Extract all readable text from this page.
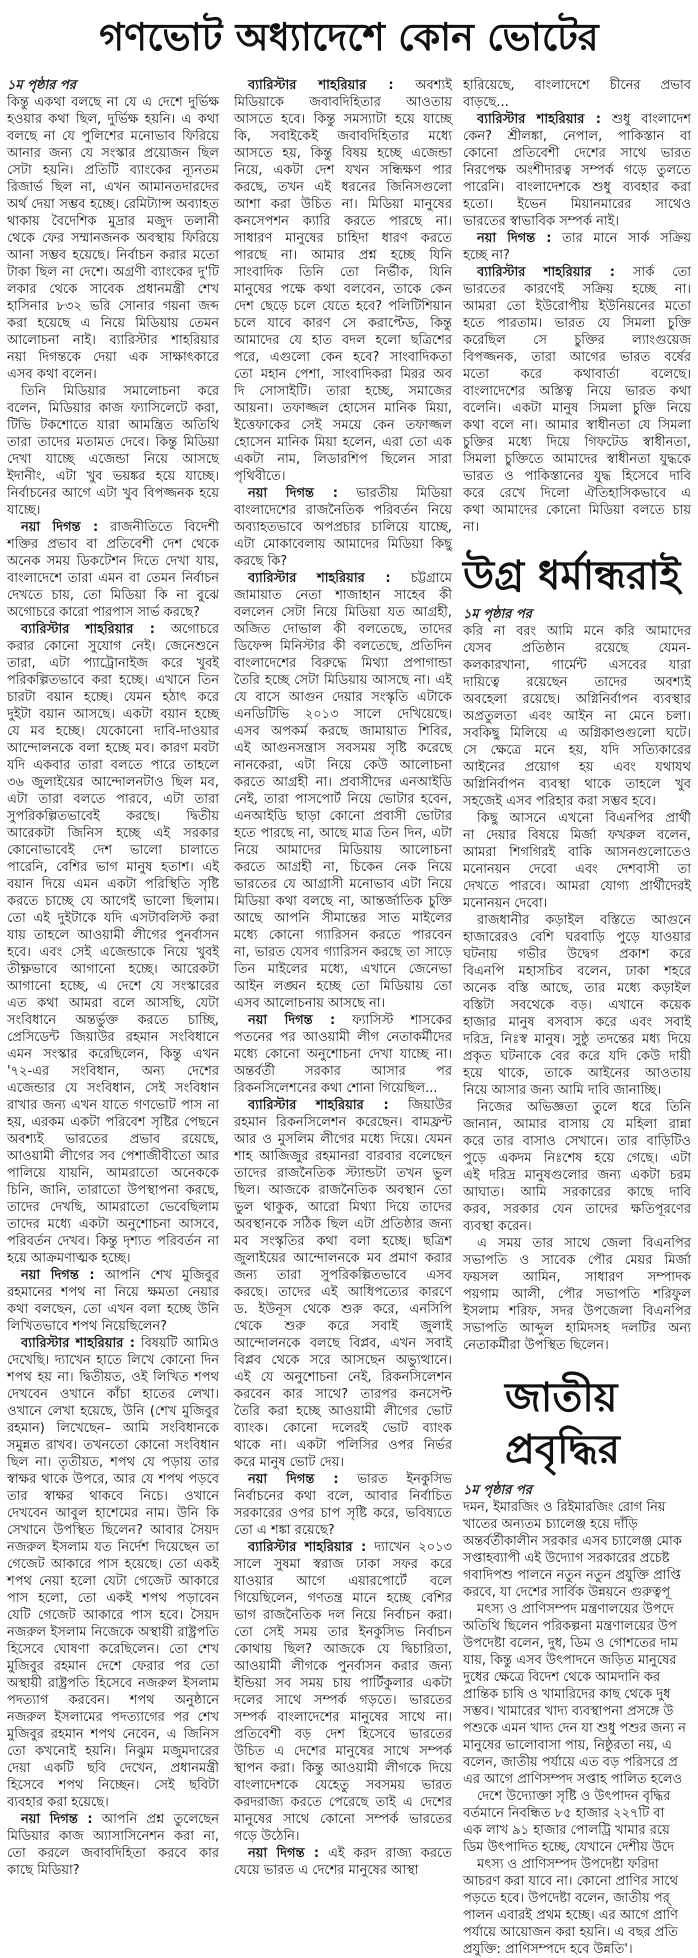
গণভোট অধ্যাদেশে কোন ভোটের
১ম পৃষ্ঠার পর
কিন্তু একথা বলছে না যে এ দেশে দুর্ভিক্ষ
হওয়ার কথা ছিল, দুর্ভিক্ষ হয়নি। এ কথা
বলছে না যে পুলিশের মনোভাব ফিরিয়ে
আনার জন্য যে সংস্কার প্রয়োজন ছিল
সেটা হয়নি। প্রতিটি ব্যাংকের ন্যূনতম
রিজার্ভ ছিল না, এখন আমানতদারদের
অর্থ দেয়া সম্ভব হচ্ছে। রেমিট্যান্স অব্যাহত
থাকায় বৈদেশিক মুদ্রার মজুদ তলানী
থেকে ফের সম্মানজনক অবস্থায় ফিরিয়ে
আনা সম্ভব হয়েছে। নির্বাচন করার মতো
টাকা ছিল না দেশে। অগ্রণী ব্যাংকের দু'টি
লকার থেকে সাবেক প্রধানমন্ত্রী শেখ
হাসিনার ৮৩২ ভরি সোনার গয়না জব্দ
করা হয়েছে এ নিয়ে মিডিয়ায় তেমন
আলোচনা নাই। ব্যারিস্টার শাহরিয়ার
নয়া দিগন্তকে দেয়া এক সাক্ষাৎকারে
এসব কথা বলেন।
তিনি মিডিয়ার সমালোচনা করে
বলেন, মিডিয়ার কাজ ফ্যাসিলেটে করা,
টিভি টকশোতে যারা আমন্ত্রিত অতিথি
তারা তাদের মতামত দেবে। কিন্তু মিডিয়া
দেখা যাচ্ছে এজেন্ডা নিয়ে আসছে
ইদানীং, এটা খুব ভয়ঙ্কর হয়ে যাচ্ছে।
নির্বাচনের আগে এটা খুব বিপজ্জনক হয়ে
যাচ্ছে।
নয়া দিগন্ত : রাজনীতিতে বিদেশী
শক্তির প্রভাব বা প্রতিবেশী দেশ থেকে
অনেক সময় ডিকটেশন দিতে দেখা যায়,
বাংলাদেশে তারা এমন বা তেমন নির্বাচন
দেখতে চায়, তো মিডিয়া কি না বুঝে
অগোচরে কারো পারপাস সার্ভ করছে?
ব্যারিস্টার শাহরিয়ার : অগোচরে
করার কোনো সুযোগ নেই। জেনেশুনে
তারা, এটা প্যাট্রোনাইজ করে খুবই
পরিকল্পিতভাবে করা হচ্ছে। এখানে তিন
চারটা বয়ান হচ্ছে। যেমন হঠাৎ করে
দুইটা বয়ান আসছে। একটা বয়ান হচ্ছে
যে মব হচ্ছে। যেকোনো দাবি-দাওয়ার
আন্দোলনকে বলা হচ্ছে মব। কারণ মবটা
যদি একবার তারা বলতে পারে তাহলে
৩৬ জুলাইয়ের আন্দোলনটাও ছিল মব,
এটা তারা বলতে পারবে, এটা তারা
সুপরিকল্পিতভাবেই করছে। দ্বিতীয়
আরেকটা জিনিস হচ্ছে এই সরকার
কোনোভাবেই দেশ ভালো চালাতে
পারেনি, বেশির ভাগ মানুষ হতাশ। এই
বয়ান দিয়ে এমন একটা পরিস্থিতি সৃষ্টি
করতে চাচ্ছে যে আগেই ভালো ছিলাম।
তো এই দুইটাকে যদি এসটাবলিস্ট করা
যায় তাহলে আওয়ামী লীগের পুনর্বাসন
হবে। এবং সেই এজেন্ডাকে নিয়ে খুবই
তীক্ষ্ণভাবে আগানো হচ্ছে। আরেকটা
আগানো হচ্ছে, এ দেশে যে সংস্কারের
এত কথা আমরা বলে আসছি, যেটা
সংবিধানে অন্তর্ভুক্ত করতে চাচ্ছি,
প্রেসিডেন্ট জিয়াউর রহমান সংবিধানে
এমন সংস্কার করেছিলেন, কিন্তু এখন
'৭২-এর সংবিধান, অন্য দেশের
এজেন্ডার যে সংবিধান, সেই সংবিধান
রাখার জন্য এখন যাতে গণভোট পাস না
হয়, এরকম একটা পরিবেশ সৃষ্টির পেছনে
অবশ্যই ভারতের প্রভাব রয়েছে,
আওয়ামী লীগের সব পেশাজীবীতো আর
পালিয়ে যায়নি, আমরাতো অনেককে
চিনি, জানি, তারাতো উপস্থাপনা করছে,
তাদের দেখছি, আমরাতো ভেবেছিলাম
তাদের মধ্যে একটা অনুশোচনা আসবে,
পরিবর্তন দেখব। কিন্তু দৃশ্যত পরিবর্তন না
হয়ে আক্রমণাত্মক হচ্ছে।
নয়া দিগন্ত : আপনি শেখ মুজিবুর
রহমানের শপথ না নিয়ে ক্ষমতা নেয়ার
কথা বলছেন, তো এখন বলা হচ্ছে উনি
লিখিতভাবে শপথ নিয়েছিলেন?
ব্যারিস্টার শাহরিয়ার : বিষয়টি আমিও
দেখেছি। দ্যাখেন হাতে লিখে কোনো দিন
শপথ হয় না। দ্বিতীয়ত, ওই লিখিত শপথ
দেখবেন ওখানে কাঁচা হাতের লেখা।
ওখানে লেখা হয়েছে, উনি (শেখ মুজিবুর
রহমান) লিখেছেন– আমি সংবিধানকে
সমুন্নত রাখব। তখনতো কোনো সংবিধান
ছিল না। তৃতীয়ত, শপথ যে পড়ায় তার
স্বাক্ষর থাকে উপরে, আর যে শপথ পড়বে
তার স্বাক্ষর থাকবে নিচে। ওখানে
দেখবেন আবুল হাশেমের নাম। উনি কি
সেখানে উপস্থিত ছিলেন? আবার সৈয়দ
নজরুল ইসলাম যত নির্দেশ দিয়েছেন তা
গেজেট আকারে পাস হয়েছে। তো একই
শপথ নেয়া হলো যেটা গেজেট আকারে
পাস হলো, তো একই শপথ পড়াবেন
যেটি গেজেট আকারে পাস হবে। সৈয়দ
নজরুল ইসলাম নিজেকে অস্থায়ী রাষ্ট্রপতি
হিসেবে ঘোষণা করেছিলেন। তো শেখ
মুজিবুর রহমান দেশে ফেরার পর তো
অস্থায়ী রাষ্ট্রপতি হিসেবে নজরুল ইসলাম
পদত্যাগ করবেন। শপথ অনুষ্ঠানে
নজরুল ইসলামের পদত্যাগের পর শেখ
মুজিবুর রহমান শপথ নেবেন, এ জিনিস
তো কখনোই হয়নি। নিঝুম মজুমদারের
দেয়া একটি ছবি দেখেন, প্রধানমন্ত্রী
হিসেবে শপথ নিচ্ছেন। সেই ছবিটা
ব্যবহার করা হয়েছে।
নয়া দিগন্ত : আপনি প্রশ্ন তুলেছেন
মিডিয়ার কাজ অ্যাসাসিনেশন করা না,
তো করলে জবাবদিহিতা করবে কার
কাছে মিডিয়া?
ব্যারিস্টার শাহরিয়ার : অবশ্যই
মিডিয়াকে জবাবদিহিতার আওতায়
আসতে হবে। কিন্তু সমস্যাটা হয়ে যাচ্ছে
কি, সবাইকেই জবাবদিহিতার মধ্যে
আসতে হয়, কিন্তু বিষয় হচ্ছে এজেন্ডা
নিয়ে, একটা দেশ যখন সন্ধিক্ষণ পার
করছে, তখন এই ধরনের জিনিসগুলো
আশা করা উচিত না। মিডিয়া মানুষের
কনসেপশন ক্যারি করতে পারছে না।
সাধারণ মানুষের চাহিদা ধারণ করতে
পারছে না। আমার প্রশ্ন হচ্ছে যিনি
সাংবাদিক তিনি তো নির্ভীক, যিনি
মানুষের পক্ষে কথা বলবেন, তাকে কেন
দেশ ছেড়ে চলে যেতে হবে? পলিটিশিয়ান
চলে যাবে কারণ সে করাপ্টেড, কিন্তু
আমাদের যে হাত বদল হলো ছত্রিশের
পরে, এগুলো কেন হবে? সাংবাদিকতা
তো মহান পেশা, সাংবাদিকরা মিরর অব
দি সোসাইটি। তারা হচ্ছে, সমাজের
আয়না। তফাজ্জল হোসেন মানিক মিয়া,
ইত্তেফাকের সেই সময়ে কেন তফাজ্জল
হোসেন মানিক মিয়া হলেন, এরা তো এক
একটা নাম, লিডারশিপ ছিলেন সারা
পৃথিবীতে।
নয়া দিগন্ত : ভারতীয় মিডিয়া
বাংলাদেশের রাজনৈতিক পরিবর্তন নিয়ে
অব্যাহতভাবে অপপ্রচার চালিয়ে যাচ্ছে,
এটা মোকাবেলায় আমাদের মিডিয়া কিছু
করছে কি?
ব্যারিস্টার শাহরিয়ার : চট্টগ্রামে
জামায়াত নেতা শাজাহান সাহেব কী
বললেন সেটা নিয়ে মিডিয়া যত আগ্রহী,
অজিত দোভাল কী বলতেছে, তাদের
ডিফেন্স মিনিস্টার কী বলতেছে, প্রতিদিন
বাংলাদেশের বিরুদ্ধে মিথ্যা প্রপাগান্ডা
তৈরি হচ্ছে সেটা মিডিয়ায় আসছে না। এই
যে বাসে আগুন দেয়ার সংস্কৃতি এটাকে
এনডিটিভি ২০১৩ সালে দেখিয়েছে।
এসব অপকর্ম করছে জামায়াত শিবির,
এই আগুনসন্ত্রাস সবসময় সৃষ্টি করেছে
নানকেরা, এটা নিয়ে কেউ আলোচনা
করতে আগ্রহী না। প্রবাসীদের এনআইডি
নেই, তারা পাসপোর্ট নিয়ে ভোটার হবেন,
এনআইডি ছাড়া কোনো প্রবাসী ভোটার
হতে পারছে না, আছে মাত্র তিন দিন, এটা
নিয়ে আমাদের মিডিয়ায় আলোচনা
করতে আগ্রহী না, চিকেন নেক নিয়ে
ভারতের যে আগ্রাসী মনোভাব এটা নিয়ে
মিডিয়া কথা বলছে না, আন্তর্জাতিক চুক্তি
আছে আপনি সীমান্তের সাত মাইলের
মধ্যে কোনো গ্যারিসন করতে পারবেন
না, ভারত যেসব গ্যারিসন করছে তা সাড়ে
তিন মাইলের মধ্যে, এখানে জেনেভা
আইন লঙ্ঘন হচ্ছে তো মিডিয়ায় তো
এসব আলোচনায় আসছে না।
নয়া দিগন্ত : ফ্যাসিস্ট শাসকের
পতনের পর আওয়ামী লীগ নেতাকর্মীদের
মধ্যে কোনো অনুশোচনা দেখা যাচ্ছে না।
অন্তর্বর্তী সরকার আসার পর
রিকনসিলেশনের কথা শোনা গিয়েছিল...
ব্যারিস্টার শাহরিয়ার : জিয়াউর
রহমান রিকনসিলেশন করেছেন। বামফ্রন্ট
আর ও মুসলিম লীগের মধ্যে দিয়ে। যেমন
শাহ আজিজুর রহমানরা বারবার বলেছেন
তাদের রাজনৈতিক স্ট্যান্ডটা তখন ভুল
ছিল। আজকে রাজনৈতিক অবস্থান তো
ভুল থাকুক, আরো মিথ্যা দিয়ে তাদের
অবস্থানকে সঠিক ছিল এটা প্রতিষ্ঠার জন্য
মব সংস্কৃতির কথা বলা হচ্ছে। ছত্রিশ
জুলাইয়ের আন্দোলনকে মব প্রমাণ করার
জন্য তারা সুপরিকল্পিতভাবে এসব
করছে। তাদের এই আধিপত্যের কারণে
ড. ইউনূস থেকে শুরু করে, এনসিপি
থেকে শুরু করে সবাই জুলাই
আন্দোলনকে বলছে বিপ্লব, এখন সবাই
বিপ্লব থেকে সরে আসছেন অভ্যুত্থানে।
এই যে অনুশোচনা নেই, রিকনসিলেশন
করবেন কার সাথে? তারপর কনসেপ্ট
তৈরি করা হচ্ছে আওয়ামী লীগের ভোট
ব্যাংক। কোনো দলেরই ভোট ব্যাংক
থাকে না। একটা পলিসির ওপর নির্ভর
করে মানুষ ভোট দেয়।
নয়া দিগন্ত : ভারত ইনকুসিভ
নির্বাচনের কথা বলে, আবার নির্বাচিত
সরকারের ওপর চাপ সৃষ্টি করে, ভবিষ্যতে
তো এ শঙ্কা রয়েছে?
ব্যারিস্টার শাহরিয়ার : দ্যাখেন ২০১৩
সালে সুষমা স্বরাজ ঢাকা সফর করে
যাওয়ার আগে এয়ারপোর্টে বলে
গিয়েছিলেন, গণতন্ত্র মানে হচ্ছে বেশির
ভাগ রাজনৈতিক দল নিয়ে নির্বাচন করা।
তো সেই সময় তার ইনকুসিভ নির্বাচন
কোথায় ছিল? আজকে যে দ্বিচারিতা,
আওয়ামী লীগকে পুনর্বাসন করার জন্য
ইন্ডিয়া সব সময় চায় পার্টিকুলার একটা
দলের সাথে সম্পর্ক গড়তে। ভারতের
সম্পর্ক বাংলাদেশের মানুষের সাথে না।
প্রতিবেশী বড় দেশ হিসেবে ভারতের
উচিত এ দেশের মানুষের সাথে সম্পর্ক
স্থাপন করা। কিন্তু আওয়ামী লীগকে দিয়ে
বাংলাদেশকে যেহেতু সবসময় ভারত
করদরাজ্য করতে পেরেছে তাই এ দেশের
মানুষের সাথে কোনো সম্পর্ক ভারতের
গড়ে উঠেনি।
নয়া দিগন্ত : এই করদ রাজ্য করতে
যেয়ে ভারত এ দেশের মানুষের আস্থা
হারিয়েছে, বাংলাদেশে চীনের প্রভাব
বাড়ছে...
ব্যারিস্টার শাহরিয়ার : শুধু বাংলাদেশ
কেন? শ্রীলঙ্কা, নেপাল, পাকিস্তান বা
কোনো প্রতিবেশী দেশের সাথে ভারত
নিরপেক্ষ অংশীদারত্ব সম্পর্ক গড়ে তুলতে
পারেনি। বাংলাদেশকে শুধু ব্যবহার করা
হতো। ইভেন মিয়ানমারের সাথেও
ভারতের স্বাভাবিক সম্পর্ক নাই।
নয়া দিগন্ত : তার মানে সার্ক সক্রিয়
হচ্ছে না?
ব্যারিস্টার শাহরিয়ার : সার্ক তো
ভারতের কারণেই সক্রিয় হচ্ছে না।
আমরা তো ইউরোপীয় ইউনিয়নের মতো
হতে পারতাম। ভারত যে সিমলা চুক্তি
করেছিল সে চুক্তির ল্যাংগুয়েজ
বিপজ্জনক, তারা আগের ভারত বর্ষের
মতো করে কথাবার্তা বলেছে।
বাংলাদেশের অস্তিত্ব নিয়ে ভারত কথা
বলেনি। একটা মানুষ সিমলা চুক্তি নিয়ে
কথা বলে না। আমার স্বাধীনতা যে সিমলা
চুক্তির মধ্যে দিয়ে গিফটেড স্বাধীনতা,
সিমলা চুক্তিতে আমাদের স্বাধীনতা যুদ্ধকে
ভারত ও পাকিস্তানের যুদ্ধ হিসেবে দাবি
করে রেখে দিলো ঐতিহাসিকভাবে এ
কথা আমাদের কোনো মিডিয়া বলতে চায়
না।
উগ্র ধর্মান্ধরাই
১ম পৃষ্ঠার পর
করি না বরং আমি মনে করি আমাদের
যেসব প্রতিষ্ঠান রয়েছে যেমন-
কলকারখানা, গার্মেন্ট এসবের যারা
দায়িত্বে রয়েছেন তাদের অবশ্যই
অবহেলা রয়েছে। অগ্নিনির্বাপন ব্যবস্থার
অপ্রতুলতা এবং আইন না মেনে চলা।
সবকিছু মিলিয়ে এ অগ্নিকাণ্ডগুলো ঘটে।
সে ক্ষেত্রে মনে হয়, যদি সত্যিকারের
আইনের প্রয়োগ হয় এবং যথাযথ
অগ্নিনির্বাপন ব্যবস্থা থাকে তাহলে খুব
সহজেই এসব পরিহার করা সম্ভব হবে।
কিছু আসনে এখনো বিএনপির প্রার্থী
না দেয়ার বিষয়ে মির্জা ফখরুল বলেন,
আমরা শিগগিরই বাকি আসনগুলোতেও
মনোনয়ন দেবো এবং দেশবাসী তা
দেখতে পারবে। আমরা যোগ্য প্রার্থীদেরই
মনোনয়ন দেবো।
রাজধানীর কড়াইল বস্তিতে আগুনে
হাজারেরও বেশি ঘরবাড়ি পুড়ে যাওয়ার
ঘটনায় গভীর উদ্বেগ প্রকাশ করে
বিএনপি মহাসচিব বলেন, ঢাকা শহরে
অনেক বস্তি আছে, তার মধ্যে কড়াইল
বস্তিটা সবথেকে বড়। এখানে কয়েক
হাজার মানুষ বসবাস করে এবং সবাই
দরিদ্র, নিঃস্ব মানুষ। সুষ্ঠু তদন্তের মধ্য দিয়ে
প্রকৃত ঘটনাকে বের করে যদি কেউ দায়ী
হয়ে থাকে, তাকে আইনের আওতায়
নিয়ে আসার জন্য আমি দাবি জানাচ্ছি।
নিজের অভিজ্ঞতা তুলে ধরে তিনি
জানান, আমার বাসায় যে মহিলা রান্না
করে তার বাসাও সেখানে। তার বাড়িটিও
পুড়ে একদম নিঃশেষ হয়ে গেছে। এটা
এই দরিদ্র মানুষগুলোর জন্য একটা চরম
আঘাত। আমি সরকারের কাছে দাবি
করব, সরকার যেন তাদের ক্ষতিপূরণের
ব্যবস্থা করেন।
এ সময় তার সাথে জেলা বিএনপির
সভাপতি ও সাবেক পৌর মেয়র মির্জা
ফয়সল আমিন, সাধারণ সম্পাদক
পয়গাম আলী, পৌর সভাপতি শরিফুল
ইসলাম শরিফ, সদর উপজেলা বিএনপির
সভাপতি আব্দুল হামিদসহ দলটির অন্য
নেতাকর্মীরা উপস্থিত ছিলেন।
জাতীয় প্রবৃদ্ধির
১ম পৃষ্ঠার পর
দমন, ইমারজিং ও রিইমারজিং রোগ নিয়
খাতের অন্যতম চ্যালেঞ্জ হয়ে দাঁড়ি
অন্তর্বর্তীকালীন সরকার এসব চ্যালেঞ্জ মোক
সপ্তাহব্যাপী এই উদ্যোগ সরকারের প্রচেষ্ট
গবাদিপশু পালনে নতুন নতুন প্রযুক্তি প্রাপ্তি
করবে, যা দেশের সার্বিক উন্নয়নে গুরুত্বপূ
মৎস্য ও প্রাণিসম্পদ মন্ত্রণালয়ের উপদে
অতিথি ছিলেন পরিকল্পনা মন্ত্রণালয়ের উপ
উপদেষ্টা বলেন, দুধ, ডিম ও গোশতের দাম
যায়, কিন্তু এসব উৎপাদনে জড়িত মানুষের
দুধের ক্ষেত্রে বিদেশ থেকে আমদানি কর
প্রান্তিক চাষি ও খামারিদের কাছ থেকে দুধ
সম্ভব। খামারের খাদ্য ব্যবস্থাপনা প্রসঙ্গে উ
পশুকে এমন খাদ্য দেন যা শুধু পশুর জন্য ন
মানুষের ভালোবাসা পায়, নিষ্ঠুরতা নয়, এ
বলেন, জাতীয় পর্যায়ে এত বড় পরিসরে প্র
এর আগে প্রাণিসম্পদ সপ্তাহ পালিত হলেও
দেশে উদ্যোক্তা সৃষ্টি ও উৎপাদন বৃদ্ধির
বর্তমানে নিবন্ধিত ৮৫ হাজার ২২৭টি বা
এক লাখ ৯১ হাজার পোলট্রি খামার রয়ে
ডিম উৎপাদিত হচ্ছে, যেখানে দেশীয় উদে
মৎস্য ও প্রাণিসম্পদ উপদেষ্টা ফরিদা
আচরণ করা যাবে না। কোনো প্রাণির সাথে
পড়তে হবে। উপদেষ্টা বলেন, জাতীয় পর্
পালন এবারই প্রথম হচ্ছে। এর আগে প্রাণি
পর্যায়ে আয়োজন করা হয়নি। এ বছর প্রতি
প্রযুক্তি: প্রাণিসম্পদে হবে উন্নতি'।
